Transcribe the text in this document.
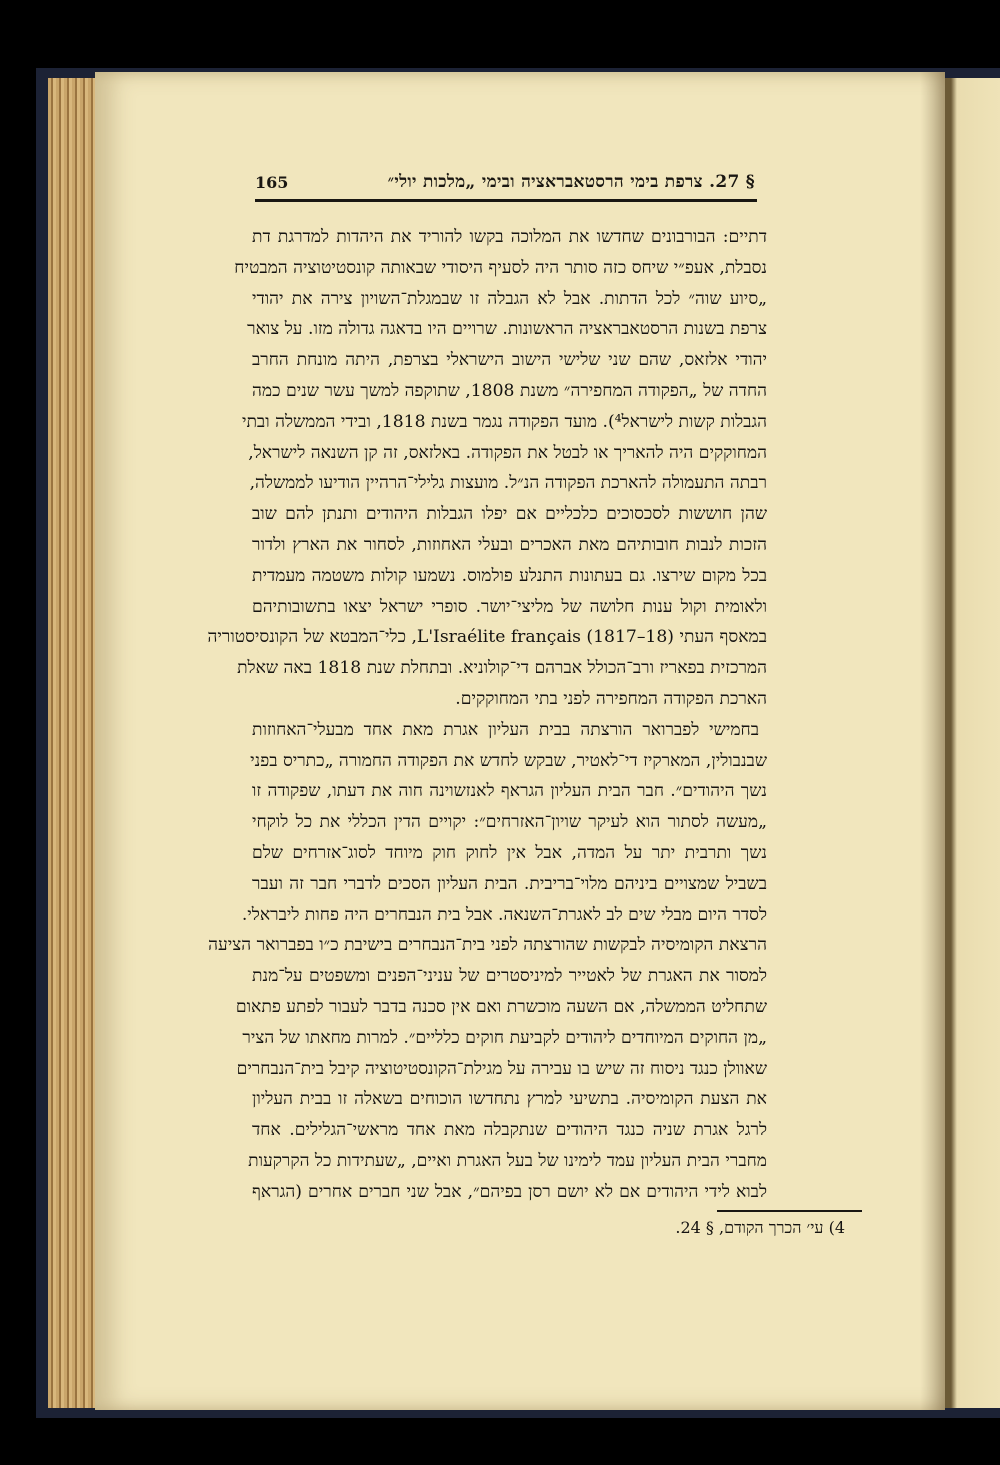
165	§ 27. צרפת בימי הרסטאבראציה ובימי „מלכות יולי״
דתיים: הבורבונים שחדשו את המלוכה בקשו להוריד את היהדות למדרגת דת
נסבלת, אעפ״י שיחס כזה סותר היה לסעיף היסודי שבאותה קונסטיטוציה המבטיח
„סיוע שוה״ לכל הדתות. אבל לא הגבלה זו שבמגלת־השויון צירה את יהודי
צרפת בשנות הרסטאבראציה הראשונות. שרויים היו בדאגה גדולה מזו. על צואר
יהודי אלזאס, שהם שני שלישי הישוב הישראלי בצרפת, היתה מונחת החרב
החדה של „הפקודה המחפירה״ משנת 1808, שתוקפה למשך עשר שנים כמה
הגבלות קשות לישראל⁴). מועד הפקודה נגמר בשנת 1818, ובידי הממשלה ובתי
המחוקקים היה להאריך או לבטל את הפקודה. באלזאס, זה קן השנאה לישראל,
רבתה התעמולה להארכת הפקודה הנ״ל. מועצות גלילי־הרהיין הודיעו לממשלה,
שהן חוששות לסכסוכים כלכליים אם יפלו הגבלות היהודים ותנתן להם שוב
הזכות לנבות חובותיהם מאת האכרים ובעלי האחוזות, לסחור את הארץ ולדור
בכל מקום שירצו. גם בעתונות התנלע פולמוס. נשמעו קולות משטמה מעמדית
ולאומית וקול ענות חלושה של מליצי־יושר. סופרי ישראל יצאו בתשובותיהם
במאסף העתי L'Israélite français (1817–18), כלי־המבטא של הקונסיסטוריה
המרכזית בפאריז ורב־הכולל אברהם די־קולוניא. ובתחלת שנת 1818 באה שאלת
הארכת הפקודה המחפירה לפני בתי המחוקקים.
בחמישי לפברואר הורצתה בבית העליון אגרת מאת אחד מבעלי־האחוזות
שבנבולין, המארקיז די־לאטיר, שבקש לחדש את הפקודה החמורה „כתריס בפני
נשך היהודים״. חבר הבית העליון הגראף לאנזשוינה חוה את דעתו, שפקודה זו
„מעשה לסתור הוא לעיקר שויון־האזרחים״: יקויים הדין הכללי את כל לוקחי
נשך ותרבית יתר על המדה, אבל אין לחוק חוק מיוחד לסוג־אזרחים שלם
בשביל שמצויים ביניהם מלוי־בריבית. הבית העליון הסכים לדברי חבר זה ועבר
לסדר היום מבלי שים לב לאגרת־השנאה. אבל בית הנבחרים היה פחות ליבראלי.
הרצאת הקומיסיה לבקשות שהורצתה לפני בית־הנבחרים בישיבת כ״ו בפברואר הציעה
למסור את האגרת של לאטייר למיניסטרים של עניני־הפנים ומשפטים על־מנת
שתחליט הממשלה, אם השעה מוכשרת ואם אין סכנה בדבר לעבור לפתע פתאום
„מן החוקים המיוחדים ליהודים לקביעת חוקים כלליים״. למרות מחאתו של הציר
שאוולן כנגד ניסוח זה שיש בו עבירה על מגילת־הקונסטיטוציה קיבל בית־הנבחרים
את הצעת הקומיסיה. בתשיעי למרץ נתחדשו הוכוחים בשאלה זו בבית העליון
לרגל אגרת שניה כנגד היהודים שנתקבלה מאת אחד מראשי־הגלילים. אחד
מחברי הבית העליון עמד לימינו של בעל האגרת ואיים, „שעתידות כל הקרקעות
לבוא לידי היהודים אם לא יושם רסן בפיהם״, אבל שני חברים אחרים (הגראף
4) עי׳ הכרך הקודם, § 24.
